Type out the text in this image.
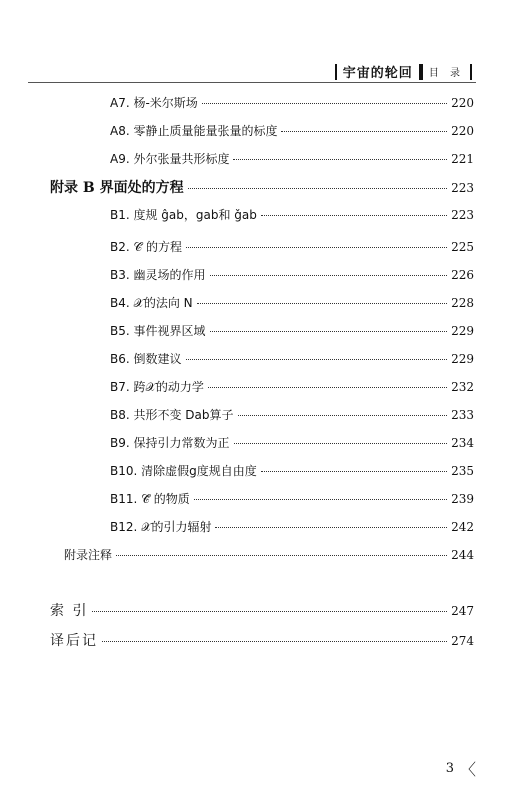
宇宙的轮回 目 录
A7. 杨-米尔斯场	220
A8. 零静止质量能量张量的标度	220
A9. 外尔张量共形标度	221
附录 B 界面处的方程	223
B1. 度规 ĝab，gab和 ǧab	223
B2. 𝒞̂ 的方程	225
B3. 幽灵场的作用	226
B4. 𝒳的法向 N	228
B5. 事件视界区域	229
B6. 倒数建议	229
B7. 跨𝒳的动力学	232
B8. 共形不变 Dab算子	233
B9. 保持引力常数为正	234
B10. 清除虚假g度规自由度	235
B11. 𝒞̌ 的物质	239
B12. 𝒳的引力辐射	242
附录注释	244
索 引	247
译后记	274
3 〈
